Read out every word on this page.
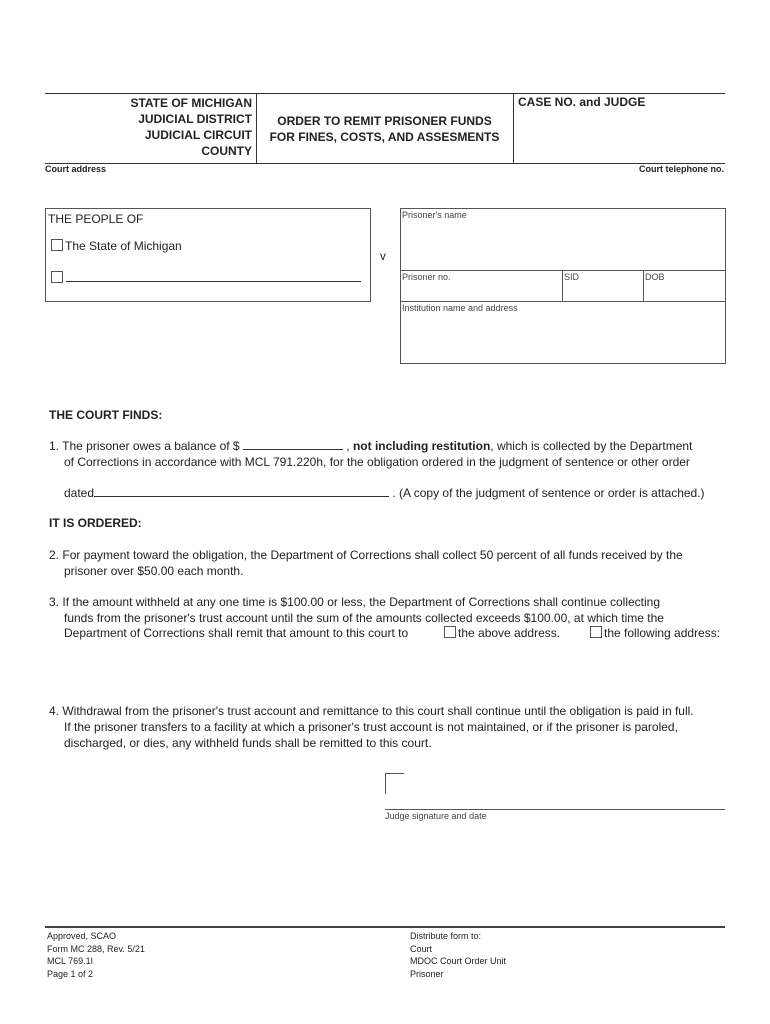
STATE OF MICHIGAN
JUDICIAL DISTRICT
JUDICIAL CIRCUIT
COUNTY
ORDER TO REMIT PRISONER FUNDS
FOR FINES, COSTS, AND ASSESMENTS
CASE NO. and JUDGE
Court address	Court telephone no.
THE PEOPLE OF
The State of Michigan
v
Prisoner's name
Prisoner no.	SID	DOB
Institution name and address
THE COURT FINDS:
1. The prisoner owes a balance of $	, not including restitution, which is collected by the Department
of Corrections in accordance with MCL 791.220h, for the obligation ordered in the judgment of sentence or other order
dated	. (A copy of the judgment of sentence or order is attached.)
IT IS ORDERED:
2. For payment toward the obligation, the Department of Corrections shall collect 50 percent of all funds received by the
prisoner over $50.00 each month.
3. If the amount withheld at any one time is $100.00 or less, the Department of Corrections shall continue collecting
funds from the prisoner's trust account until the sum of the amounts collected exceeds $100.00, at which time the
Department of Corrections shall remit that amount to this court to	the above address.	the following address:
4. Withdrawal from the prisoner's trust account and remittance to this court shall continue until the obligation is paid in full.
If the prisoner transfers to a facility at which a prisoner's trust account is not maintained, or if the prisoner is paroled,
discharged, or dies, any withheld funds shall be remitted to this court.
Judge signature and date
Approved, SCAO
Form MC 288, Rev. 5/21
MCL 769.1l
Page 1 of 2
Distribute form to:
Court
MDOC Court Order Unit
Prisoner
